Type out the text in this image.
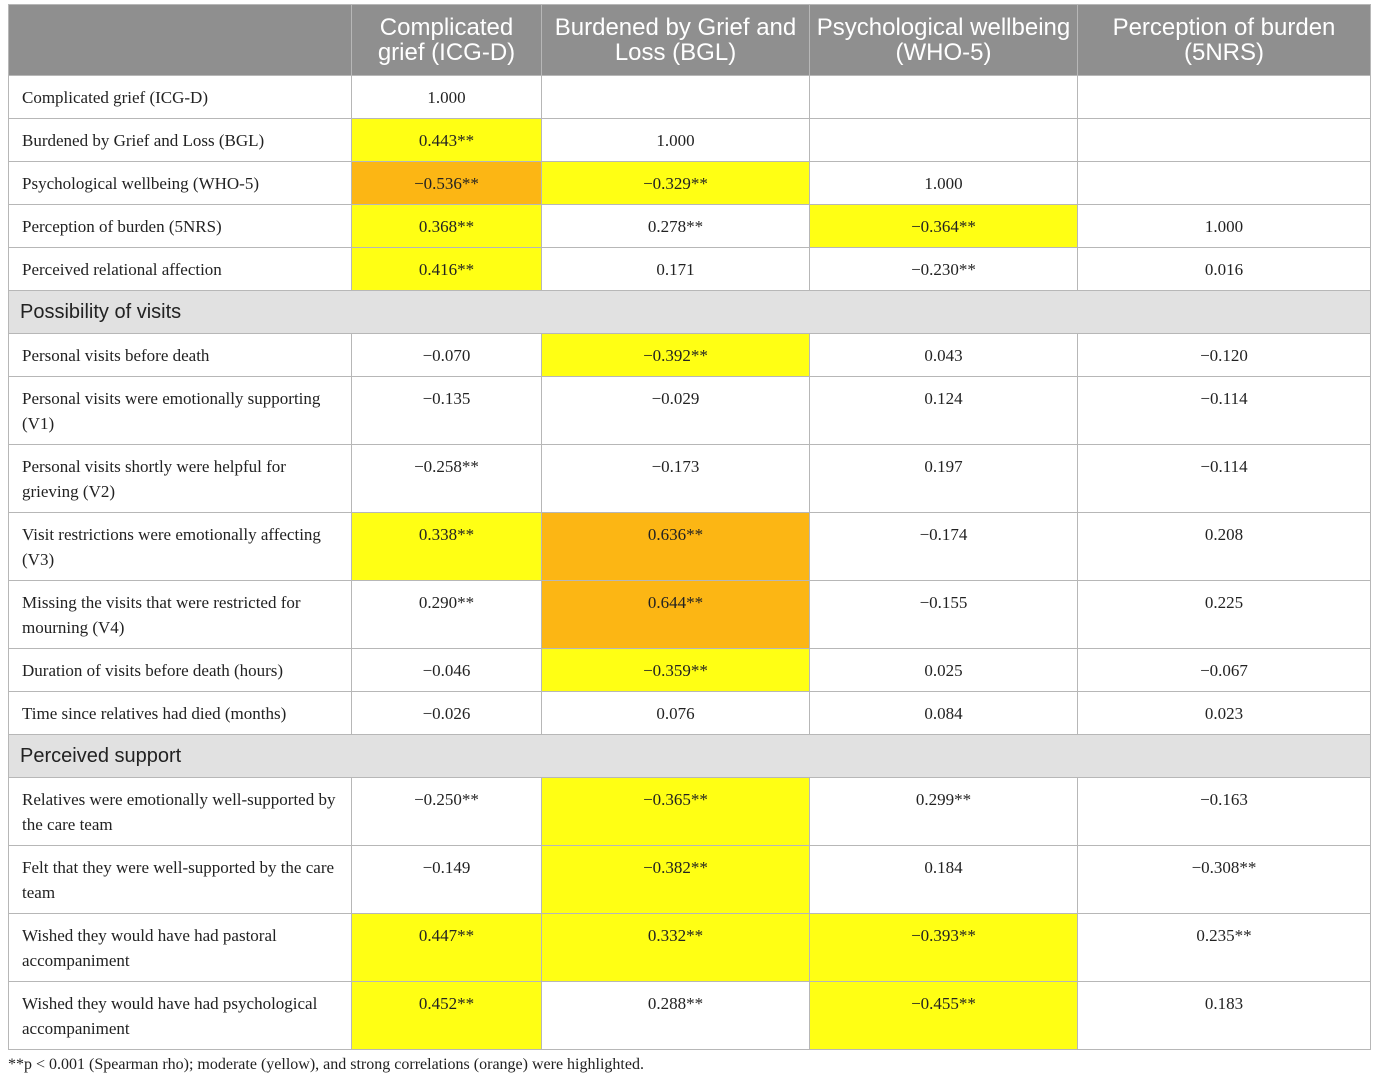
	Complicated grief (ICG-D)	Burdened by Grief and Loss (BGL)	Psychological wellbeing (WHO-5)	Perception of burden (5NRS)
Complicated grief (ICG-D)	1.000			
Burdened by Grief and Loss (BGL)	0.443**	1.000		
Psychological wellbeing (WHO-5)	−0.536**	−0.329**	1.000	
Perception of burden (5NRS)	0.368**	0.278**	−0.364**	1.000
Perceived relational affection	0.416**	0.171	−0.230**	0.016
Possibility of visits				
Personal visits before death	−0.070	−0.392**	0.043	−0.120
Personal visits were emotionally supporting (V1)	−0.135	−0.029	0.124	−0.114
Personal visits shortly were helpful for grieving (V2)	−0.258**	−0.173	0.197	−0.114
Visit restrictions were emotionally affecting (V3)	0.338**	0.636**	−0.174	0.208
Missing the visits that were restricted for mourning (V4)	0.290**	0.644**	−0.155	0.225
Duration of visits before death (hours)	−0.046	−0.359**	0.025	−0.067
Time since relatives had died (months)	−0.026	0.076	0.084	0.023
Perceived support				
Relatives were emotionally well-supported by the care team	−0.250**	−0.365**	0.299**	−0.163
Felt that they were well-supported by the care team	−0.149	−0.382**	0.184	−0.308**
Wished they would have had pastoral accompaniment	0.447**	0.332**	−0.393**	0.235**
Wished they would have had psychological accompaniment	0.452**	0.288**	−0.455**	0.183
**p < 0.001 (Spearman rho); moderate (yellow), and strong correlations (orange) were highlighted.
